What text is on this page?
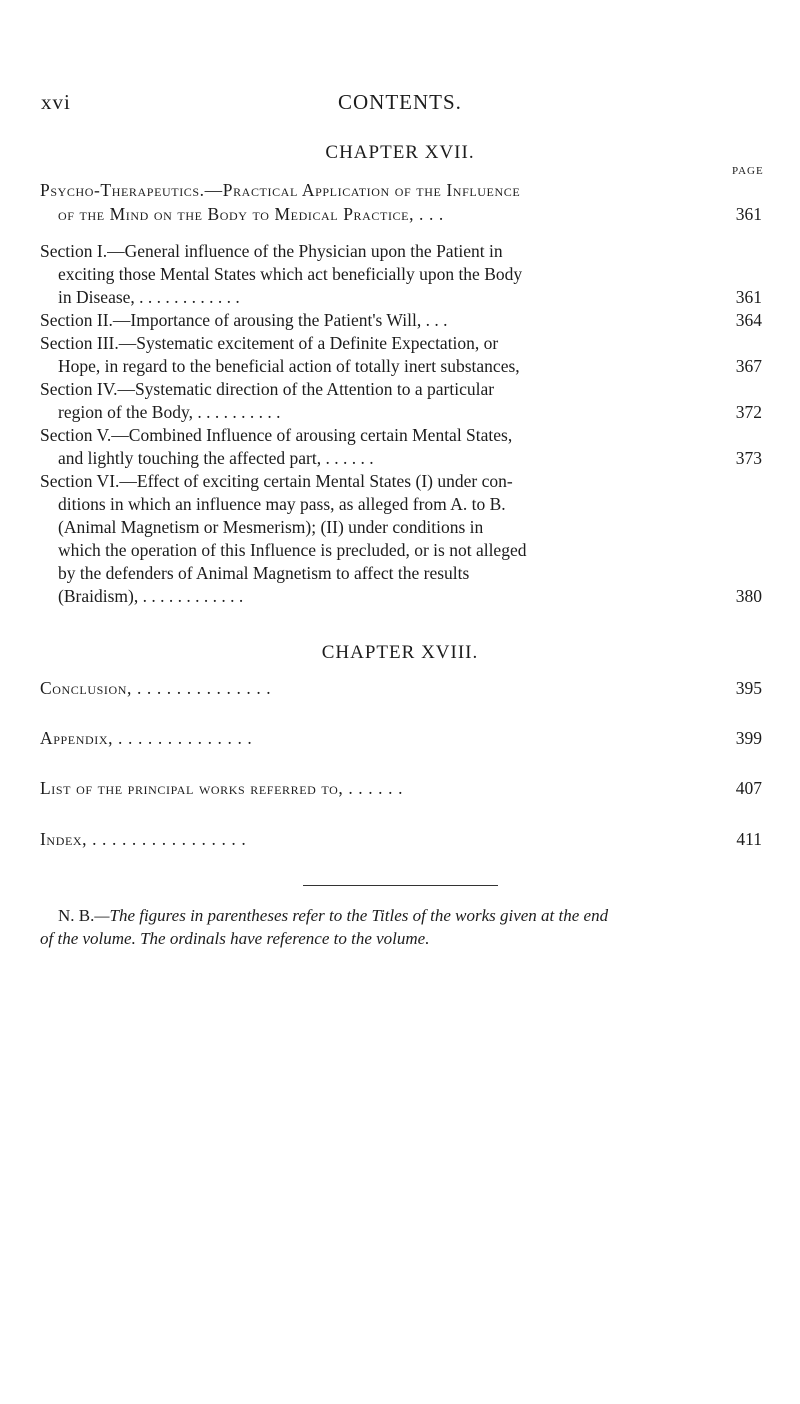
xvi	CONTENTS.
CHAPTER XVII.
PAGE
Psycho-Therapeutics.—Practical Application of the Influence
of the Mind on the Body to Medical Practice, . . .	361
Section I.—General influence of the Physician upon the Patient in
exciting those Mental States which act beneficially upon the Body
in Disease, . . . . . . . . . . . .	361
Section II.—Importance of arousing the Patient's Will, . . .	364
Section III.—Systematic excitement of a Definite Expectation, or
Hope, in regard to the beneficial action of totally inert substances,	367
Section IV.—Systematic direction of the Attention to a particular
region of the Body, . . . . . . . . . .	372
Section V.—Combined Influence of arousing certain Mental States,
and lightly touching the affected part, . . . . . .	373
Section VI.—Effect of exciting certain Mental States (I) under con-
ditions in which an influence may pass, as alleged from A. to B.
(Animal Magnetism or Mesmerism); (II) under conditions in
which the operation of this Influence is precluded, or is not alleged
by the defenders of Animal Magnetism to affect the results
(Braidism), . . . . . . . . . . . .	380
CHAPTER XVIII.
Conclusion, . . . . . . . . . . . . . .	395
Appendix, . . . . . . . . . . . . . .	399
List of the principal works referred to, . . . . . .	407
Index, . . . . . . . . . . . . . . . .	411
N. B.—The figures in parentheses refer to the Titles of the works given at the end
of the volume. The ordinals have reference to the volume.
